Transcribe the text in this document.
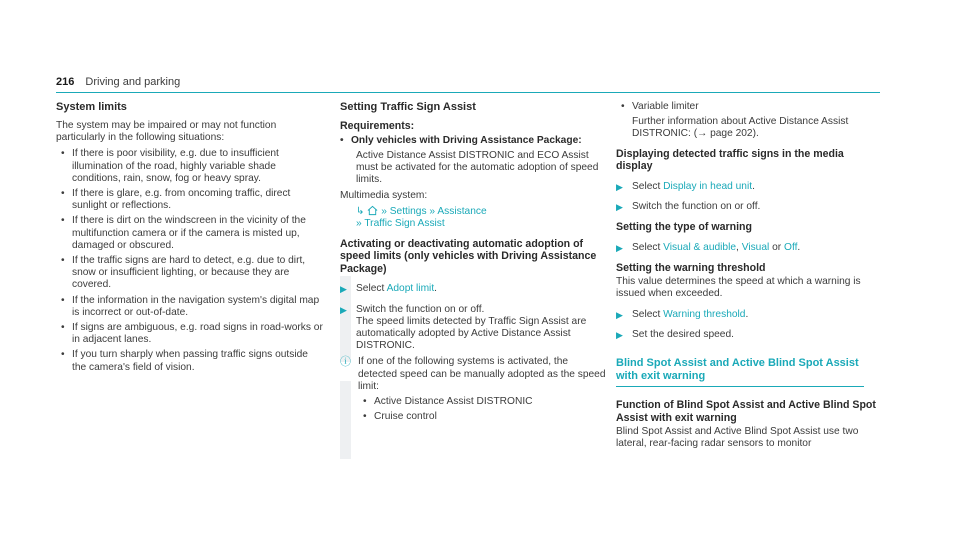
216 Driving and parking
System limits

The system may be impaired or may not function particularly in the following situations:

• If there is poor visibility, e.g. due to insufficient illumination of the road, highly variable shade conditions, rain, snow, fog or heavy spray.
• If there is glare, e.g. from oncoming traffic, direct sunlight or reflections.
• If there is dirt on the windscreen in the vicinity of the multifunction camera or if the camera is misted up, damaged or obscured.
• If the traffic signs are hard to detect, e.g. due to dirt, snow or insufficient lighting, or because they are covered.
• If the information in the navigation system's digital map is incorrect or out-of-date.
• If signs are ambiguous, e.g. road signs in road-works or in adjacent lanes.
• If you turn sharply when passing traffic signs outside the camera's field of vision.
Setting Traffic Sign Assist
Requirements:
• Only vehicles with Driving Assistance Package:

Active Distance Assist DISTRONIC and ECO Assist must be activated for the automatic adoption of speed limits.

Multimedia system:

↳ » Settings » Assistance
» Traffic Sign Assist
Activating or deactivating automatic adoption of speed limits (only vehicles with Driving Assistance Package)
▶ Select Adopt limit.
▶ Switch the function on or off.
The speed limits detected by Traffic Sign Assist are automatically adopted by Active Distance Assist DISTRONIC.
ⓘ If one of the following systems is activated, the detected speed can be manually adopted as the speed limit:
• Active Distance Assist DISTRONIC
• Cruise control
• Variable limiter

Further information about Active Distance Assist DISTRONIC: (→ page 202).

Displaying detected traffic signs in the media display
▶ Select Display in head unit.
▶ Switch the function on or off.
Setting the type of warning
▶ Select Visual & audible, Visual or Off.
Setting the warning threshold

This value determines the speed at which a warning is issued when exceeded.

▶ Select Warning threshold.
▶ Set the desired speed.
Blind Spot Assist and Active Blind Spot Assist with exit warning
Function of Blind Spot Assist and Active Blind Spot Assist with exit warning

Blind Spot Assist and Active Blind Spot Assist use two lateral, rear-facing radar sensors to monitor
